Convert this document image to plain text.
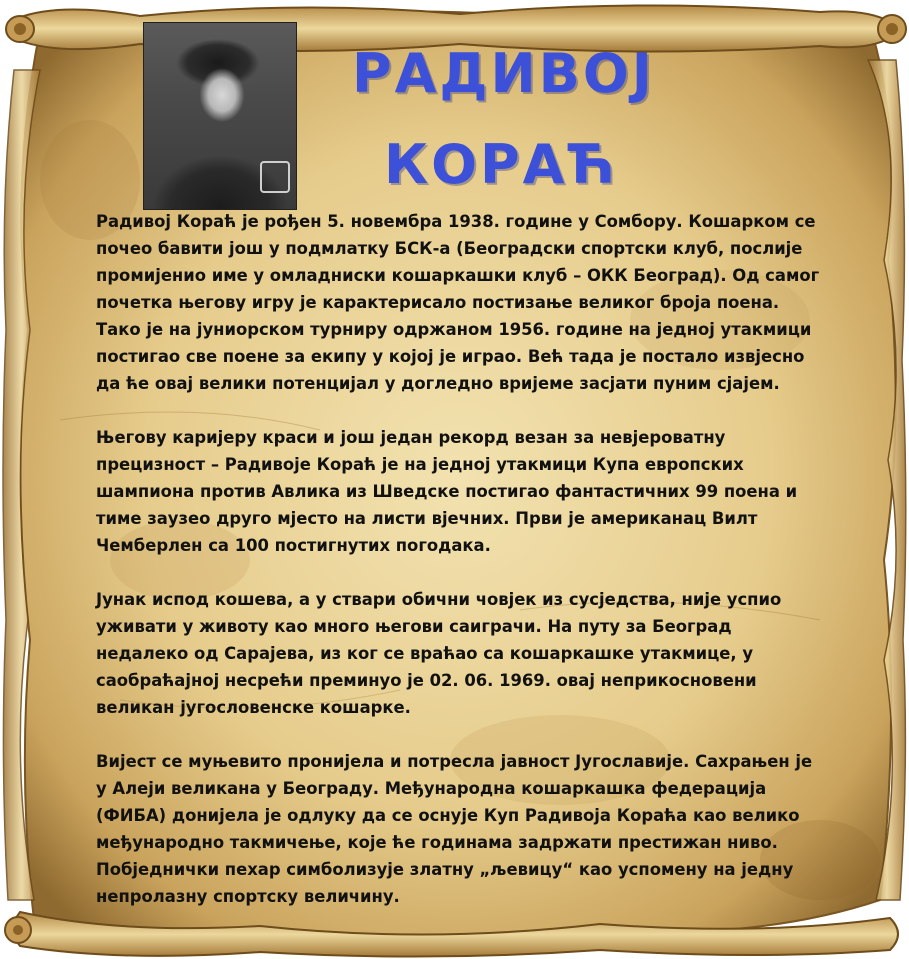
РАДИВОЈ
КОРАЋ

Радивој Кораћ је рођен 5. новембра 1938. године у Сомбору. Кошарком се почео бавити још у подмлатку БСК-а (Београдски спортски клуб, послије промијенио име у омладниски кошаркашки клуб – ОКК Београд). Од самог почетка његову игру је карактерисало постизање великог броја поена. Тако је на јуниорском турниру одржаном 1956. године на једној утакмици постигао све поене за екипу у којој је играо. Већ тада је постало извјесно да ће овај велики потенцијал у догледно вријеме засјати пуним сјајем.

Његову каријеру краси и још један рекорд везан за невјероватну прецизност – Радивоје Кораћ је на једној утакмици Купа европских шампиона против Авлика из Шведске постигао фантастичних 99 поена и тиме заузео друго мјесто на листи вјечних. Први је американац Вилт Чемберлен са 100 постигнутих погодака.

Јунак испод кошева, а у ствари обични човјек из сусједства, није успио уживати у животу као много његови саиграчи. На путу за Београд недалеко од Сарајева, из ког се враћао са кошаркашке утакмице, у саобраћајној несрећи преминуо је 02. 06. 1969. овај неприкосновени великан југословенске кошарке.

Вијест се муњевито пронијела и потресла јавност Југославије. Сахрањен је у Алеји великана у Београду. Међународна кошаркашка федерација (ФИБА) донијела је одлуку да се оснује Куп Радивоја Кораћа као велико међународно такмичење, које ће годинама задржати престижан ниво. Побједнички пехар симболизује златну „љевицу“ као успомену на једну непролазну спортску величину.
